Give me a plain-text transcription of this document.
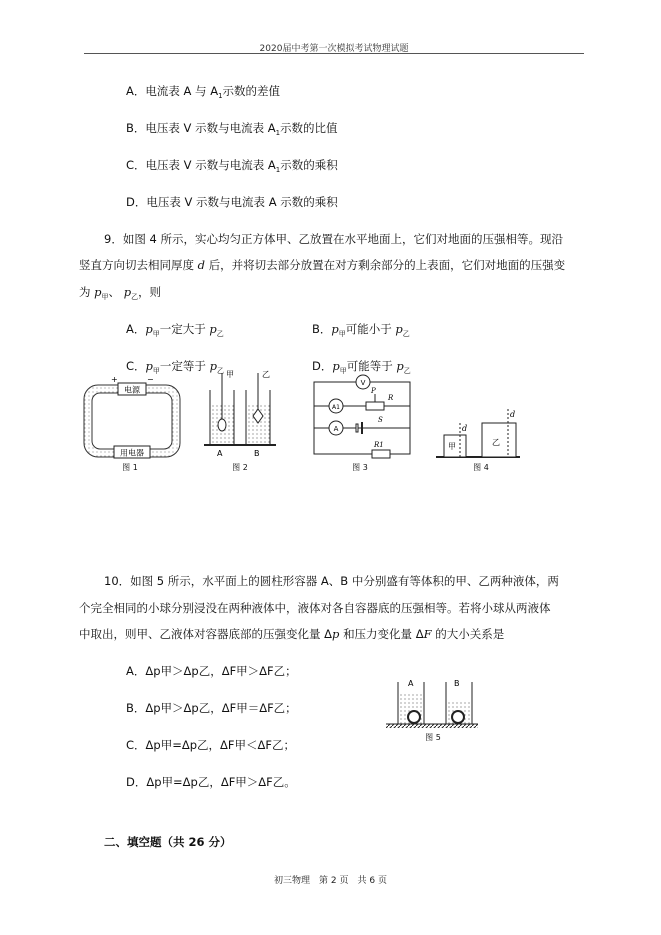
2020届中考第一次模拟考试物理试题
A．电流表 A 与 $A_1$示数的差值
B．电压表 V 示数与电流表 $A_1$示数的比值
C．电压表 V 示数与电流表 $A_1$示数的乘积
D．电压表 V 示数与电流表 A 示数的乘积
9．如图 4 所示，实心均匀正方体甲、乙放置在水平地面上，它们对地面的压强相等。现沿
竖直方向切去相同厚度 d 后，并将切去部分放置在对方剩余部分的上表面，它们对地面的压强变
为 $p_甲$、 $p_乙$，则
A．$p_甲$一定大于 $p_乙$	B．$p_甲$可能小于 $p_乙$
C．$p_甲$一定等于 $p_乙$	D．$p_甲$可能等于 $p_乙$
电源
用电器
+	−
图 1
甲	乙
A	B
图 2
V
A1
P
R
A
S
R1
图 3
d
甲
d
乙
图 4
10．如图 5 所示，水平面上的圆柱形容器 A、B 中分别盛有等体积的甲、乙两种液体，两
个完全相同的小球分别浸没在两种液体中，液体对各自容器底的压强相等。若将小球从两液体
中取出，则甲、乙液体对容器底部的压强变化量 Δp 和压力变化量 ΔF 的大小关系是
A．Δp甲＞Δp乙，ΔF甲＞ΔF乙；
B．Δp甲＞Δp乙，ΔF甲＝ΔF乙；
C．Δp甲=Δp乙，ΔF甲＜ΔF乙；
D．Δp甲=Δp乙，ΔF甲＞ΔF乙。
A	B
图 5
二、填空题（共 26 分）
初三物理　第 2 页　共 6 页
